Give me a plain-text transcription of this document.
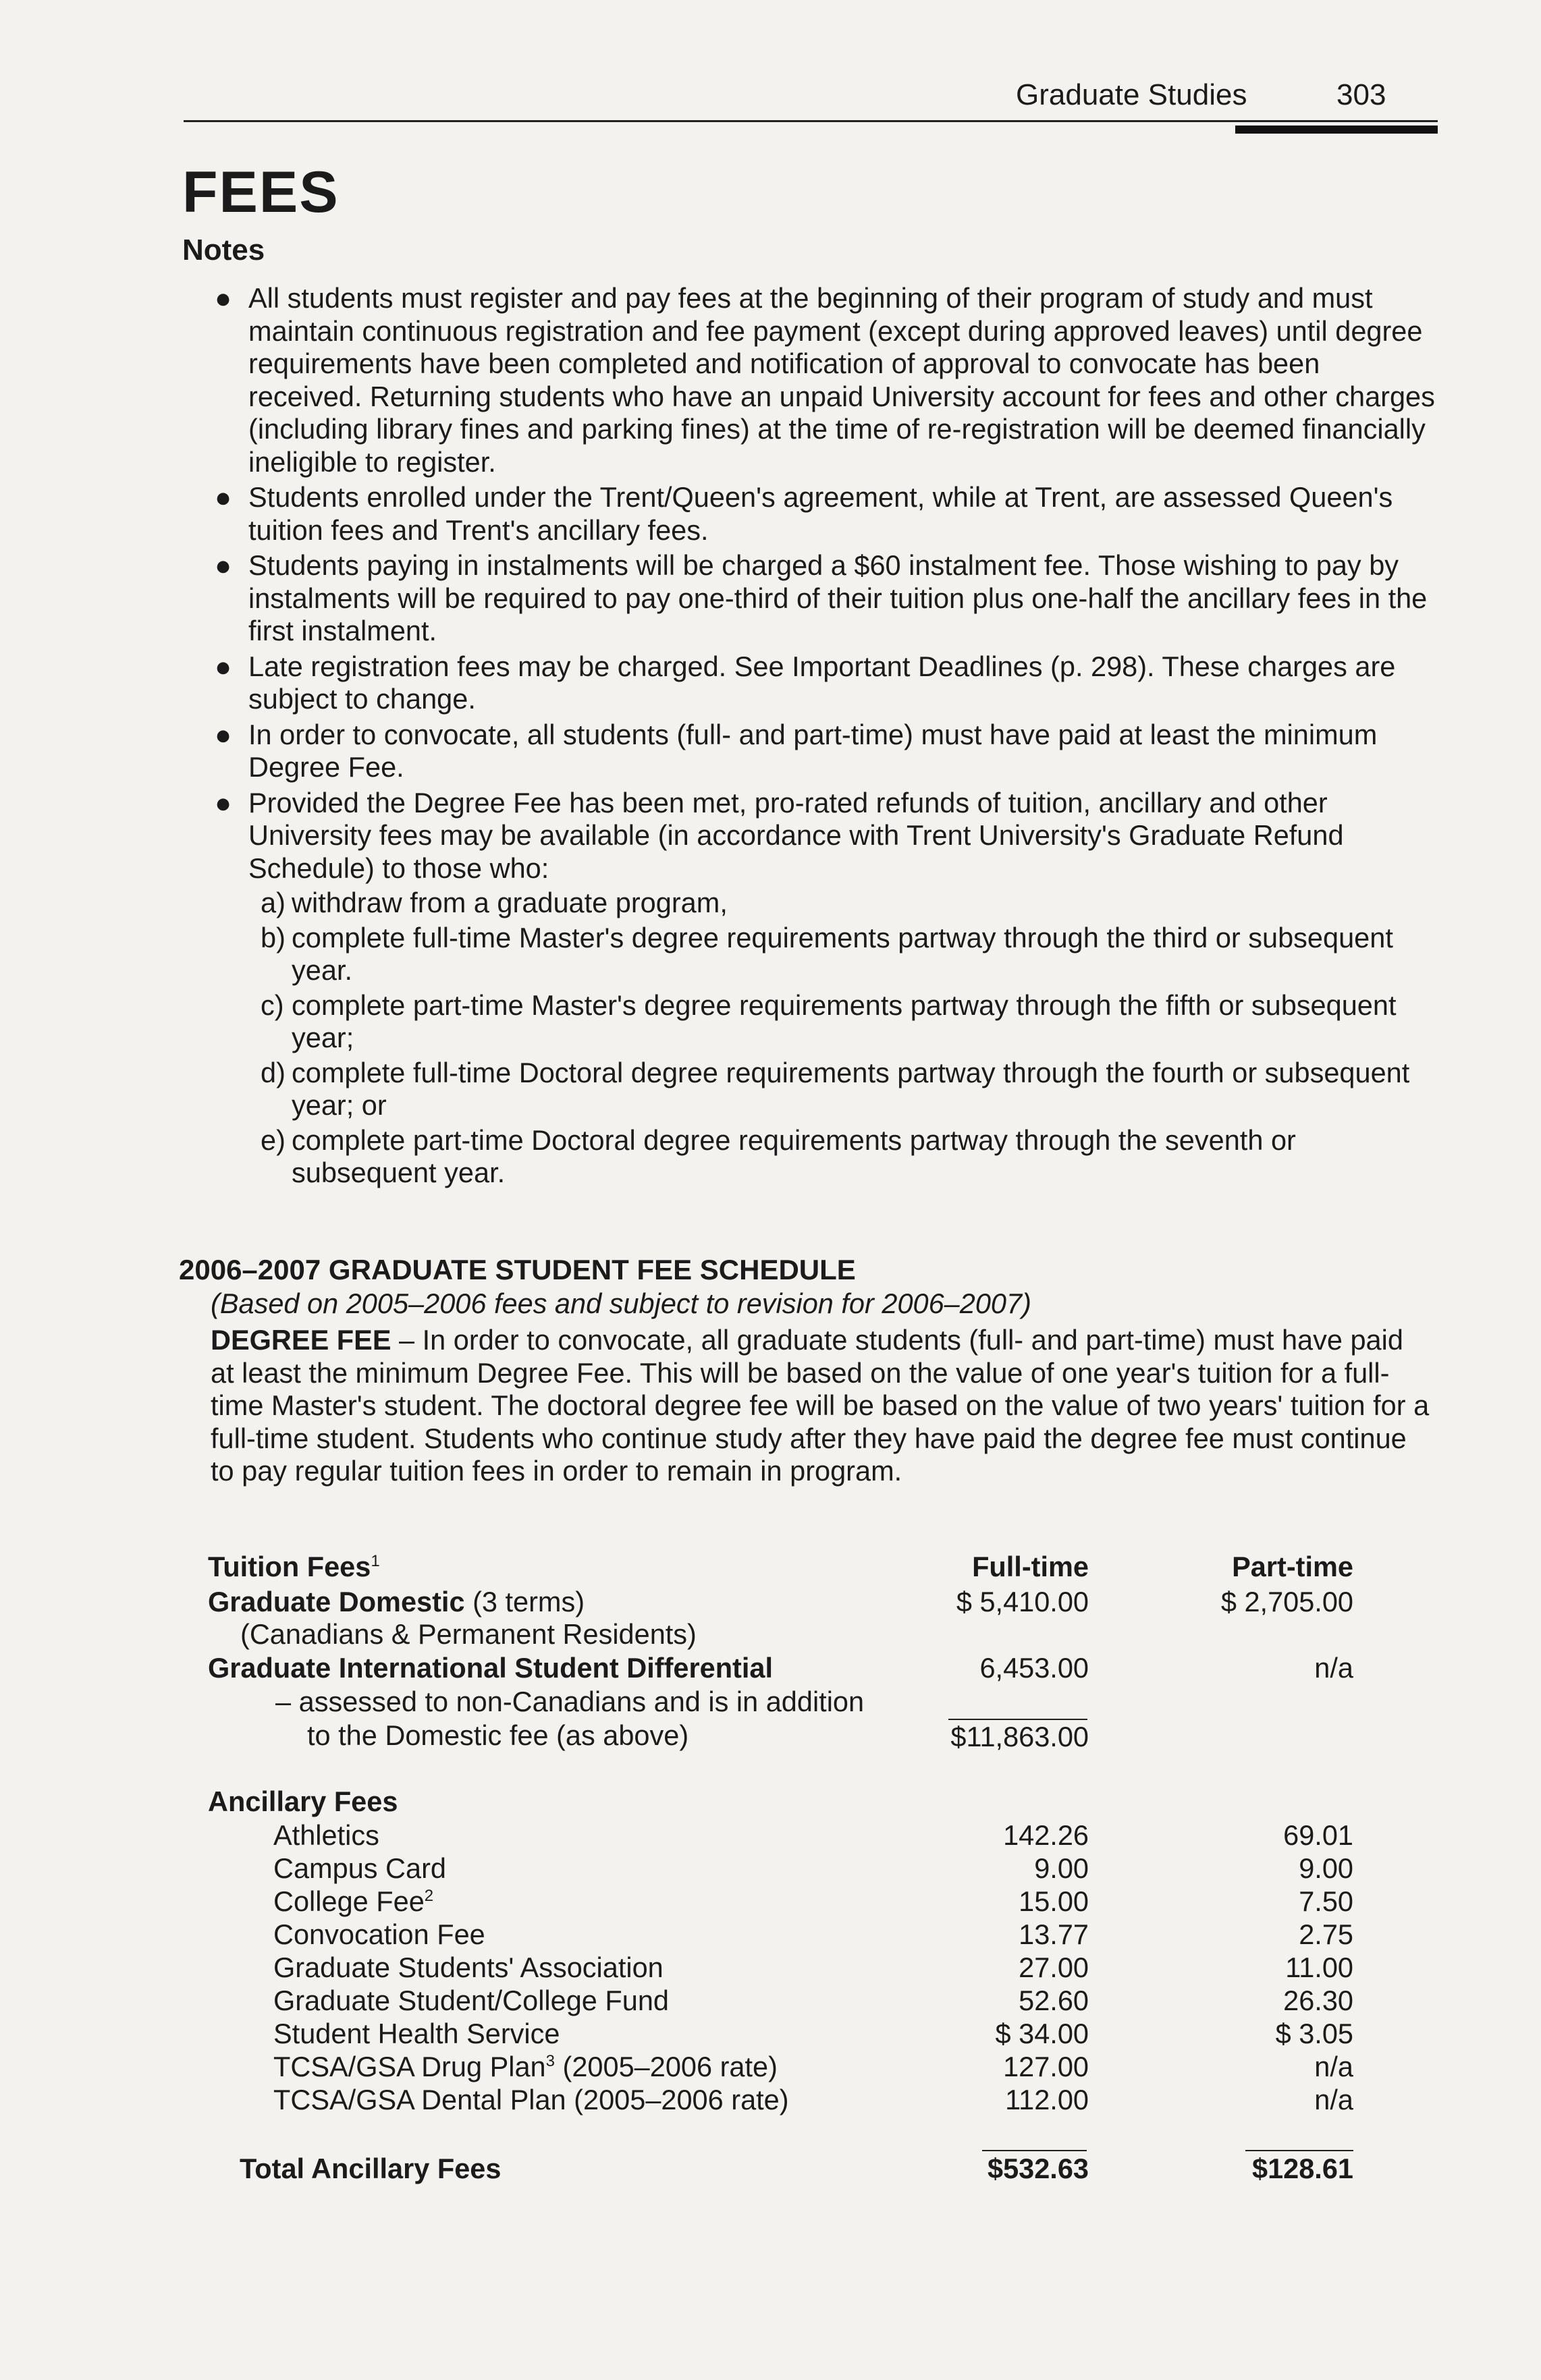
Graduate Studies	303
FEES
Notes
● All students must register and pay fees at the beginning of their program of study and must maintain continuous registration and fee payment (except during approved leaves) until degree requirements have been completed and notification of approval to convocate has been received. Returning students who have an unpaid University account for fees and other charges (including library fines and parking fines) at the time of re-registration will be deemed financially ineligible to register.
● Students enrolled under the Trent/Queen's agreement, while at Trent, are assessed Queen's tuition fees and Trent's ancillary fees.
● Students paying in instalments will be charged a $60 instalment fee. Those wishing to pay by instalments will be required to pay one-third of their tuition plus one-half the ancillary fees in the first instalment.
● Late registration fees may be charged. See Important Deadlines (p. 298). These charges are subject to change.
● In order to convocate, all students (full- and part-time) must have paid at least the minimum Degree Fee.
● Provided the Degree Fee has been met, pro-rated refunds of tuition, ancillary and other University fees may be available (in accordance with Trent University's Graduate Refund Schedule) to those who:
a) withdraw from a graduate program,
b) complete full-time Master's degree requirements partway through the third or subsequent year.
c) complete part-time Master's degree requirements partway through the fifth or subsequent year;
d) complete full-time Doctoral degree requirements partway through the fourth or subsequent year; or
e) complete part-time Doctoral degree requirements partway through the seventh or subsequent year.
2006–2007 GRADUATE STUDENT FEE SCHEDULE
(Based on 2005–2006 fees and subject to revision for 2006–2007)

DEGREE FEE – In order to convocate, all graduate students (full- and part-time) must have paid at least the minimum Degree Fee. This will be based on the value of one year's tuition for a full-time Master's student. The doctoral degree fee will be based on the value of two years' tuition for a full-time student. Students who continue study after they have paid the degree fee must continue to pay regular tuition fees in order to remain in program.

Tuition Fees$^1$	Full-time	Part-time
Graduate Domestic (3 terms)	$ 5,410.00	$ 2,705.00
(Canadians & Permanent Residents)
Graduate International Student Differential	6,453.00	n/a
– assessed to non-Canadians and is in addition
to the Domestic fee (as above)	$11,863.00
Ancillary Fees
Athletics	142.26	69.01
Campus Card	9.00	9.00
College Fee$^2$	15.00	7.50
Convocation Fee	13.77	2.75
Graduate Students' Association	27.00	11.00
Graduate Student/College Fund	52.60	26.30
Student Health Service	$ 34.00	$ 3.05
TCSA/GSA Drug Plan$^3$ (2005–2006 rate)	127.00	n/a
TCSA/GSA Dental Plan (2005–2006 rate)	112.00	n/a
Total Ancillary Fees	$532.63	$128.61
